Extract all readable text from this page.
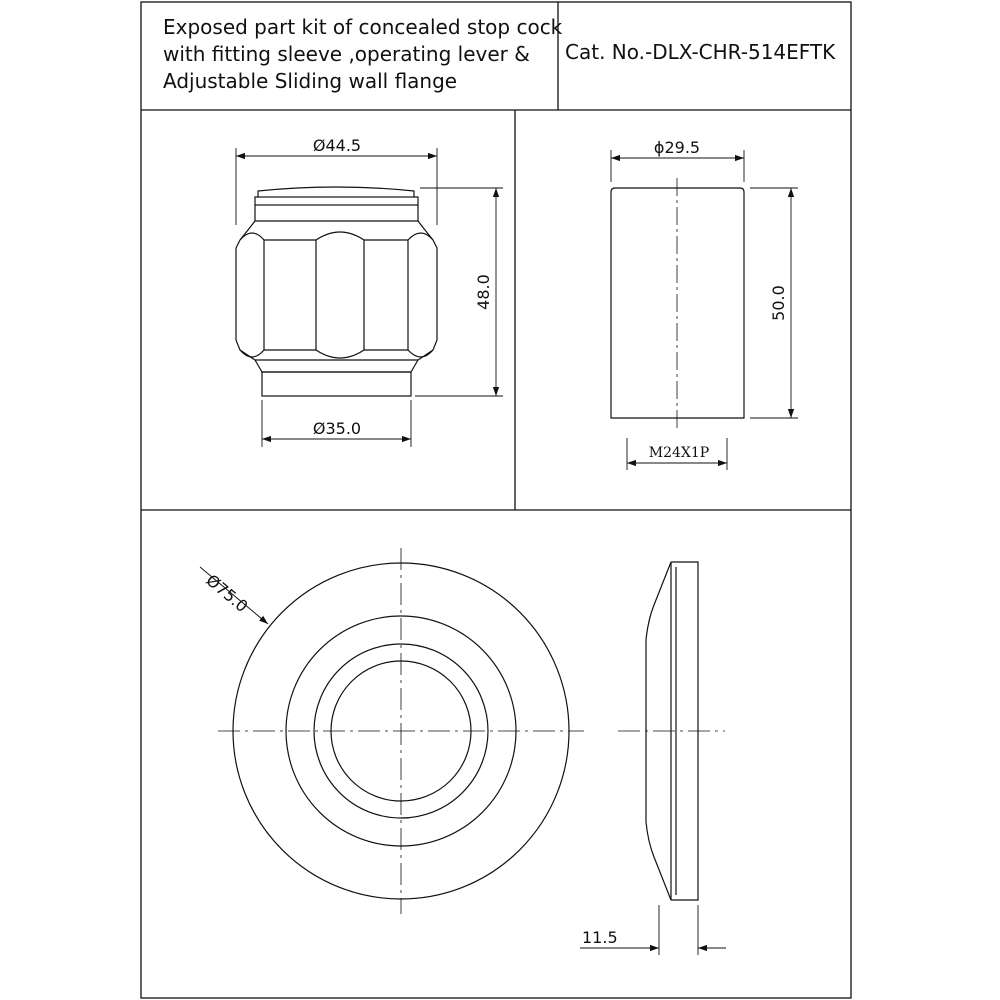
Exposed part kit of concealed stop cock
with fitting sleeve ,operating lever &
Adjustable Sliding wall flange
Cat. No.-DLX-CHR-514EFTK
Ø44.5
48.0
Ø35.0
ɸ29.5
50.0
M24X1P
Ø75.0
11.5
